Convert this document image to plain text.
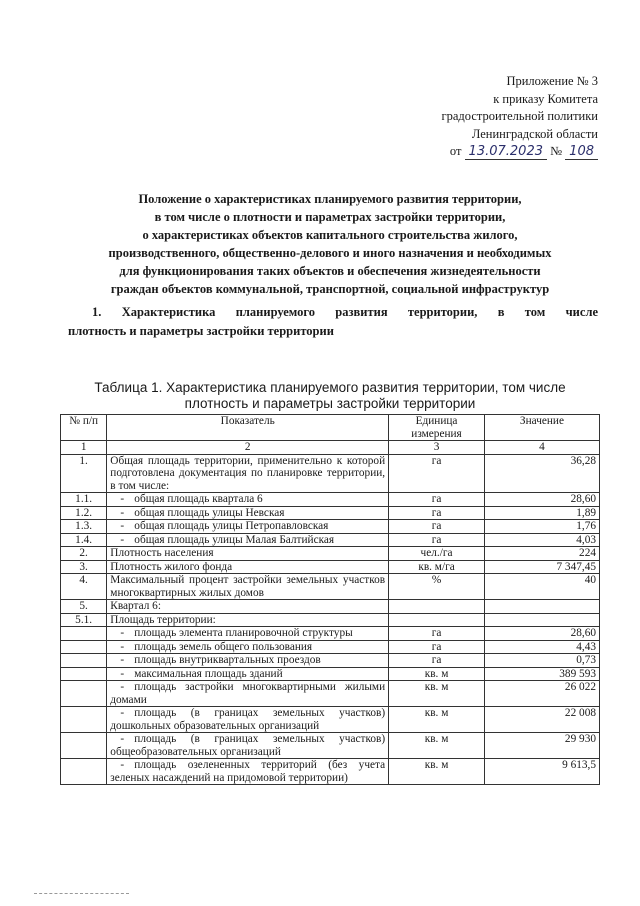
Приложение № 3
к приказу Комитета
градостроительной политики
Ленинградской области
от 13.07.2023 № 108
Положение о характеристиках планируемого развития территории,
в том числе о плотности и параметрах застройки территории,
о характеристиках объектов капитального строительства жилого,
производственного, общественно-делового и иного назначения и необходимых
для функционирования таких объектов и обеспечения жизнедеятельности
граждан объектов коммунальной, транспортной, социальной инфраструктур
1. Характеристика планируемого развития территории, в том числе
плотность и параметры застройки территории
Таблица 1. Характеристика планируемого развития территории, том числе
плотность и параметры застройки территории
№ п/п	Показатель	Единица измерения	Значение
1	2	3	4
1.	Общая площадь территории, применительно к которой подготовлена документация по планировке территории, в том числе:	га	36,28
1.1.	- общая площадь квартала 6	га	28,60
1.2.	- общая площадь улицы Невская	га	1,89
1.3.	- общая площадь улицы Петропавловская	га	1,76
1.4.	- общая площадь улицы Малая Балтийская	га	4,03
2.	Плотность населения	чел./га	224
3.	Плотность жилого фонда	кв. м/га	7 347,45
4.	Максимальный процент застройки земельных участков многоквартирных жилых домов	%	40
5.	Квартал 6:		
5.1.	Площадь территории:		
	- площадь элемента планировочной структуры	га	28,60
	- площадь земель общего пользования	га	4,43
	- площадь внутриквартальных проездов	га	0,73
	- максимальная площадь зданий	кв. м	389 593
	- площадь застройки многоквартирными жилыми домами	кв. м	26 022
	- площадь (в границах земельных участков) дошкольных образовательных организаций	кв. м	22 008
	- площадь (в границах земельных участков) общеобразовательных организаций	кв. м	29 930
	- площадь озелененных территорий (без учета зеленых насаждений на придомовой территории)	кв. м	9 613,5
